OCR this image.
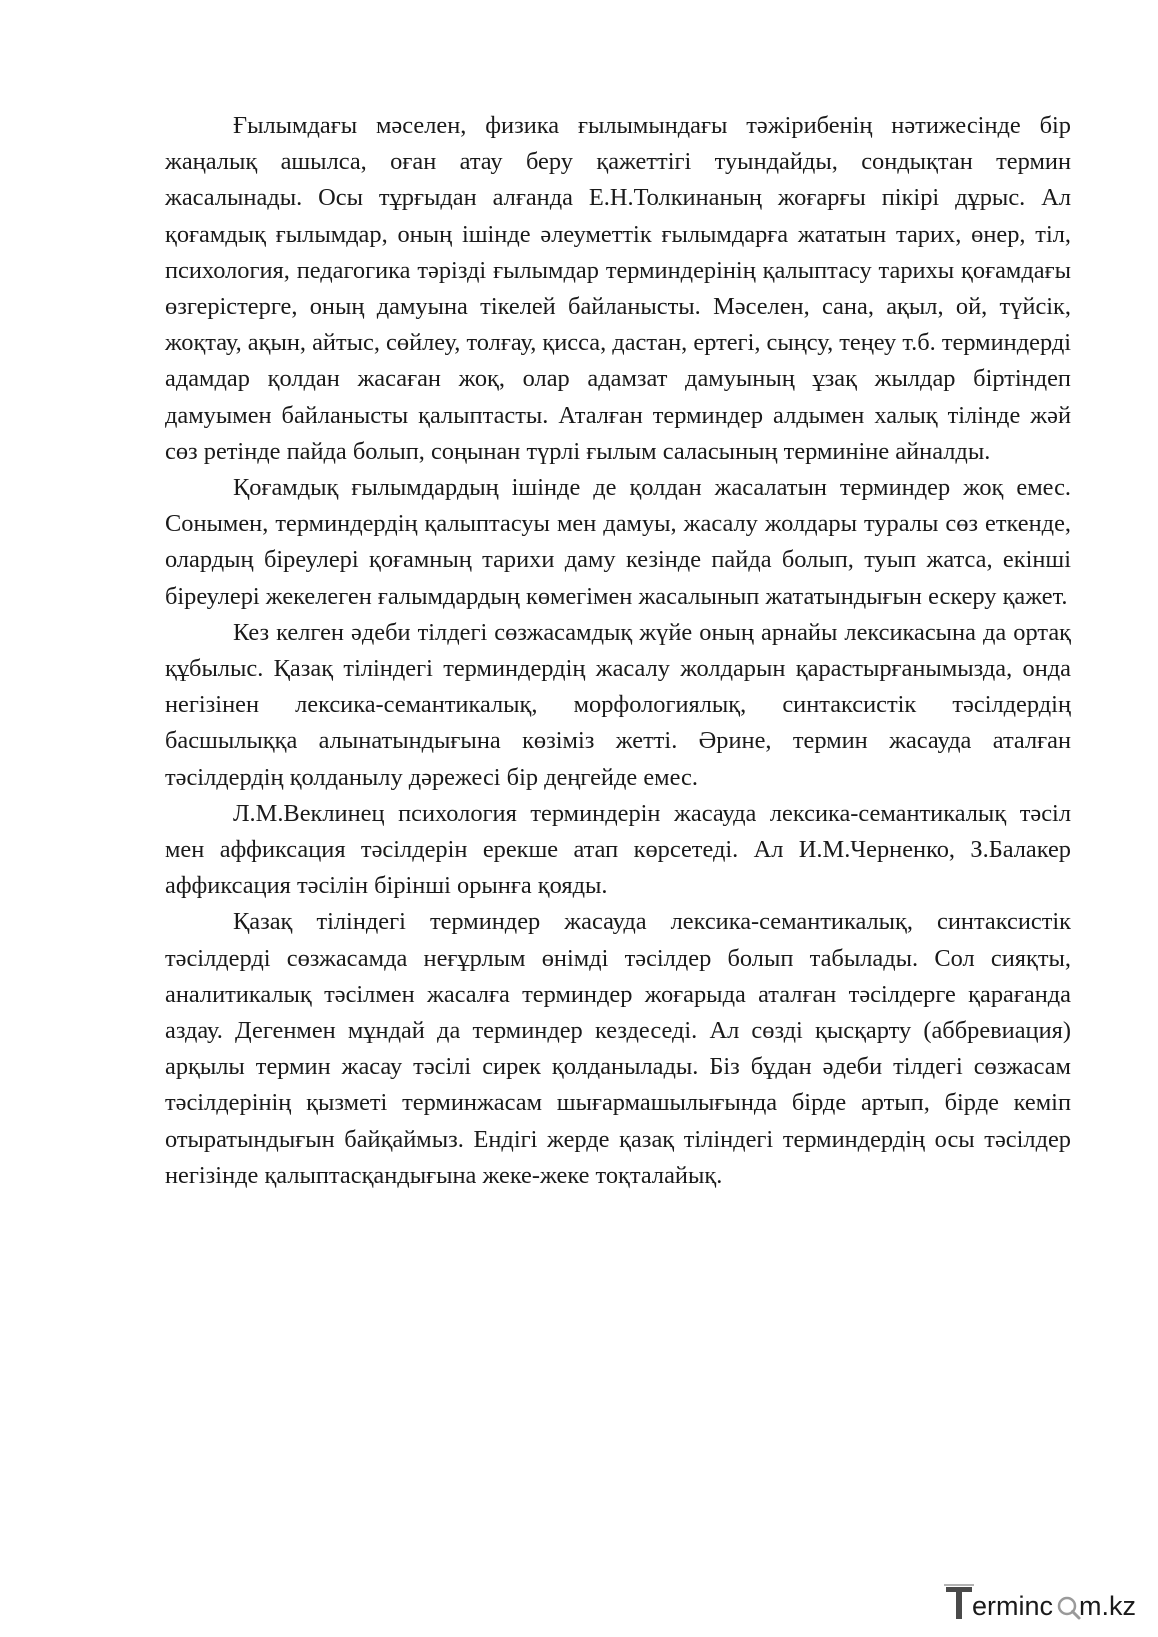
Ғылымдағы мәселен, физика ғылымындағы тәжірибенің нәтижесінде бір жаңалық ашылса, оған атау беру қажеттігі туындайды, сондықтан термин жасалынады. Осы тұрғыдан алғанда Е.Н.Толкинаның жоғарғы пікірі дұрыс. Ал қоғамдық ғылымдар, оның ішінде әлеуметтік ғылымдарға жататын тарих, өнер, тіл, психология, педагогика тәрізді ғылымдар терминдерінің қалыптасу тарихы қоғамдағы өзгерістерге, оның дамуына тікелей байланысты. Мәселен, сана, ақыл, ой, түйсік, жоқтау, ақын, айтыс, сөйлеу, толғау, қисса, дастан, ертегі, сыңсу, теңеу т.б. терминдерді адамдар қолдан жасаған жоқ, олар адамзат дамуының ұзақ жылдар біртіндеп дамуымен байланысты қалыптасты. Аталған терминдер алдымен халық тілінде жәй сөз ретінде пайда болып, соңынан түрлі ғылым саласының терминіне айналды.

Қоғамдық ғылымдардың ішінде де қолдан жасалатын терминдер жоқ емес. Сонымен, терминдердің қалыптасуы мен дамуы, жасалу жолдары туралы сөз еткенде, олардың біреулері қоғамның тарихи даму кезінде пайда болып, туып жатса, екінші біреулері жекелеген ғалымдардың көмегімен жасалынып жататындығын ескеру қажет.

Кез келген әдеби тілдегі сөзжасамдық жүйе оның арнайы лексикасына да ортақ құбылыс. Қазақ тіліндегі терминдердің жасалу жолдарын қарастырғанымызда, онда негізінен лексика-семантикалық, морфологиялық, синтаксистік тәсілдердің басшылыққа алынатындығына көзіміз жетті. Әрине, термин жасауда аталған тәсілдердің қолданылу дәрежесі бір деңгейде емес.

Л.М.Веклинец психология терминдерін жасауда лексика-семантикалық тәсіл мен аффиксация тәсілдерін ерекше атап көрсетеді. Ал И.М.Черненко, З.Балакер аффиксация тәсілін бірінші орынға қояды.

Қазақ тіліндегі терминдер жасауда лексика-семантикалық, синтаксистік тәсілдерді сөзжасамда неғұрлым өнімді тәсілдер болып табылады. Сол сияқты, аналитикалық тәсілмен жасалға терминдер жоғарыда аталған тәсілдерге қарағанда аздау. Дегенмен мұндай да терминдер кездеседі. Ал сөзді қысқарту (аббревиация) арқылы термин жасау тәсілі сирек қолданылады. Біз бұдан әдеби тілдегі сөзжасам тәсілдерінің қызметі терминжасам шығармашылығында бірде артып, бірде кеміп отыратындығын байқаймыз. Ендігі жерде қазақ тіліндегі терминдердің осы тәсілдер негізінде қалыптасқандығына жеке-жеке тоқталайық.

erminc m.kz
